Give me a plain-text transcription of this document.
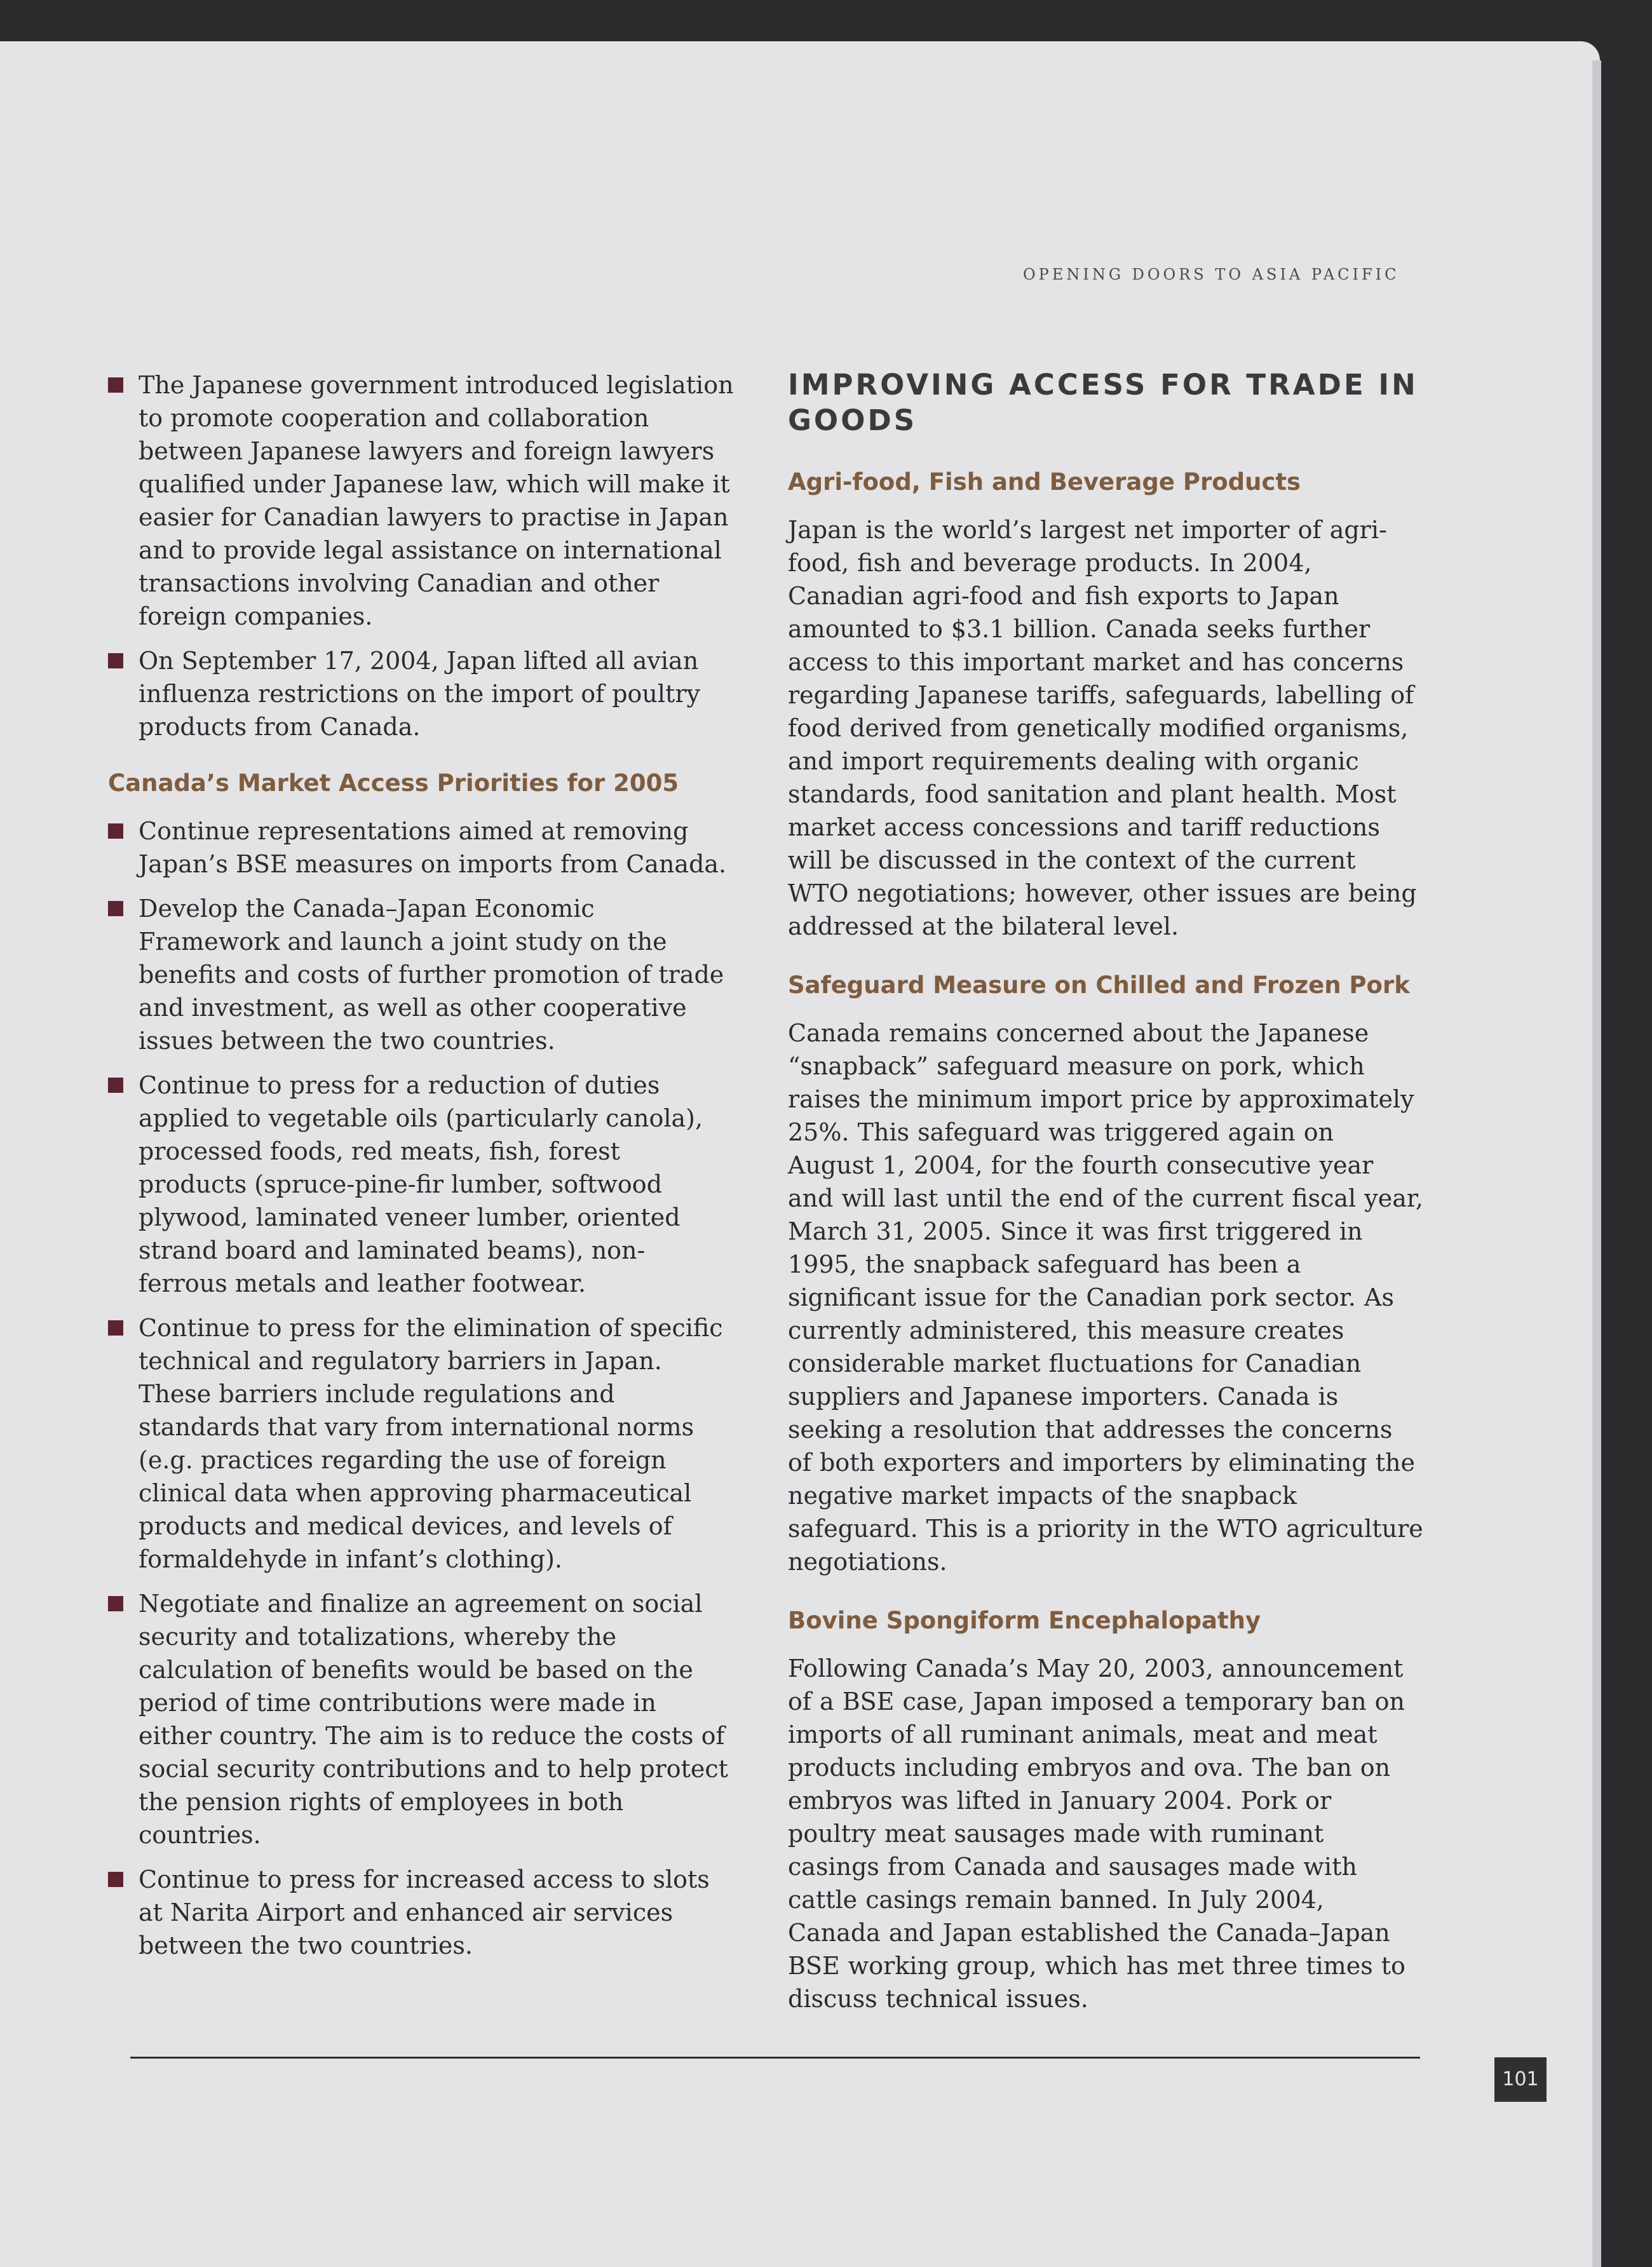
OPENING DOORS TO ASIA PACIFIC
The Japanese government introduced legislation to promote cooperation and collaboration between Japanese lawyers and foreign lawyers qualified under Japanese law, which will make it easier for Canadian lawyers to practise in Japan and to provide legal assistance on international transactions involving Canadian and other foreign companies.
On September 17, 2004, Japan lifted all avian influenza restrictions on the import of poultry products from Canada.
Canada’s Market Access Priorities for 2005
Continue representations aimed at removing Japan’s BSE measures on imports from Canada.
Develop the Canada–Japan Economic Framework and launch a joint study on the benefits and costs of further promotion of trade and investment, as well as other cooperative issues between the two countries.
Continue to press for a reduction of duties applied to vegetable oils (particularly canola), processed foods, red meats, fish, forest products (spruce-pine-fir lumber, softwood plywood, laminated veneer lumber, oriented strand board and laminated beams), non-ferrous metals and leather footwear.
Continue to press for the elimination of specific technical and regulatory barriers in Japan. These barriers include regulations and standards that vary from international norms (e.g. practices regarding the use of foreign clinical data when approving pharmaceutical products and medical devices, and levels of formaldehyde in infant’s clothing).
Negotiate and finalize an agreement on social security and totalizations, whereby the calculation of benefits would be based on the period of time contributions were made in either country. The aim is to reduce the costs of social security contributions and to help protect the pension rights of employees in both countries.
Continue to press for increased access to slots at Narita Airport and enhanced air services between the two countries.
IMPROVING ACCESS FOR TRADE IN GOODS
Agri-food, Fish and Beverage Products

Japan is the world’s largest net importer of agri-food, fish and beverage products. In 2004, Canadian agri-food and fish exports to Japan amounted to $3.1 billion. Canada seeks further access to this important market and has concerns regarding Japanese tariffs, safeguards, labelling of food derived from genetically modified organisms, and import requirements dealing with organic standards, food sanitation and plant health. Most market access concessions and tariff reductions will be discussed in the context of the current WTO negotiations; however, other issues are being addressed at the bilateral level.

Safeguard Measure on Chilled and Frozen Pork

Canada remains concerned about the Japanese “snapback” safeguard measure on pork, which raises the minimum import price by approximately 25%. This safeguard was triggered again on August 1, 2004, for the fourth consecutive year and will last until the end of the current fiscal year, March 31, 2005. Since it was first triggered in 1995, the snapback safeguard has been a significant issue for the Canadian pork sector. As currently administered, this measure creates considerable market fluctuations for Canadian suppliers and Japanese importers. Canada is seeking a resolution that addresses the concerns of both exporters and importers by eliminating the negative market impacts of the snapback safeguard. This is a priority in the WTO agriculture negotiations.

Bovine Spongiform Encephalopathy

Following Canada’s May 20, 2003, announcement of a BSE case, Japan imposed a temporary ban on imports of all ruminant animals, meat and meat products including embryos and ova. The ban on embryos was lifted in January 2004. Pork or poultry meat sausages made with ruminant casings from Canada and sausages made with cattle casings remain banned. In July 2004, Canada and Japan established the Canada–Japan BSE working group, which has met three times to discuss technical issues.

101
